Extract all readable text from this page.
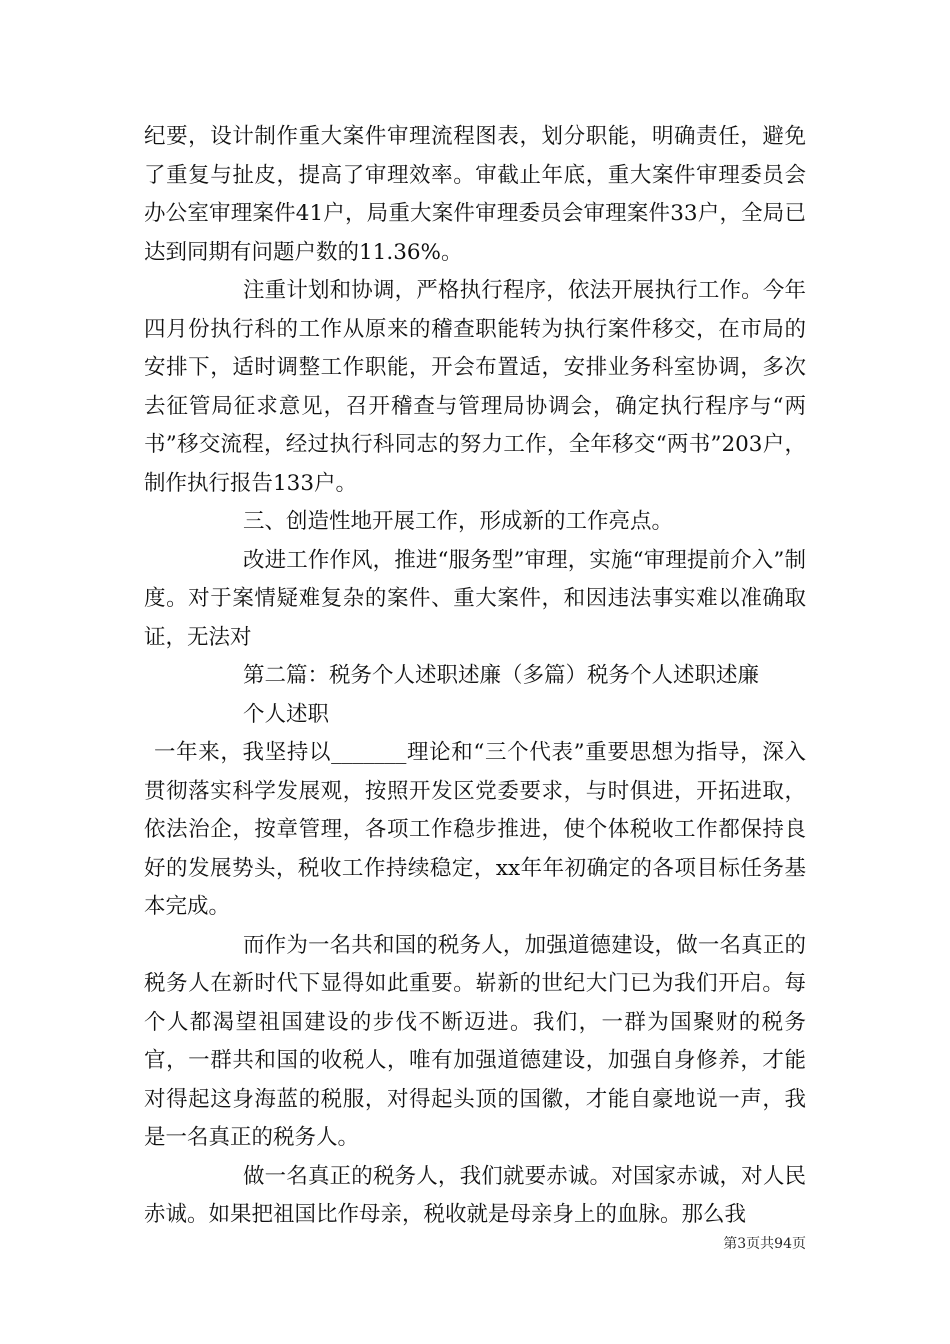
纪要，设计制作重大案件审理流程图表，划分职能，明确责任，避免了重复与扯皮，提高了审理效率。审截止年底，重大案件审理委员会办公室审理案件41户，局重大案件审理委员会审理案件33户，全局已达到同期有问题户数的11.36%。

注重计划和协调，严格执行程序，依法开展执行工作。今年四月份执行科的工作从原来的稽查职能转为执行案件移交，在市局的安排下，适时调整工作职能，开会布置适，安排业务科室协调，多次去征管局征求意见，召开稽查与管理局协调会，确定执行程序与“两书”移交流程，经过执行科同志的努力工作，全年移交“两书”203户，制作执行报告133户。

三、创造性地开展工作，形成新的工作亮点。

改进工作作风，推进“服务型”审理，实施“审理提前介入”制度。对于案情疑难复杂的案件、重大案件，和因违法事实难以准确取证，无法对

第二篇：税务个人述职述廉（多篇）税务个人述职述廉

个人述职

一年来，我坚持以_______理论和“三个代表”重要思想为指导，深入贯彻落实科学发展观，按照开发区党委要求，与时俱进，开拓进取，依法治企，按章管理，各项工作稳步推进，使个体税收工作都保持良好的发展势头，税收工作持续稳定，xx年年初确定的各项目标任务基本完成。

而作为一名共和国的税务人，加强道德建设，做一名真正的税务人在新时代下显得如此重要。崭新的世纪大门已为我们开启。每个人都渴望祖国建设的步伐不断迈进。我们，一群为国聚财的税务官，一群共和国的收税人，唯有加强道德建设，加强自身修养，才能对得起这身海蓝的税服，对得起头顶的国徽，才能自豪地说一声，我是一名真正的税务人。

做一名真正的税务人，我们就要赤诚。对国家赤诚，对人民赤诚。如果把祖国比作母亲，税收就是母亲身上的血脉。那么我

第3页共94页
